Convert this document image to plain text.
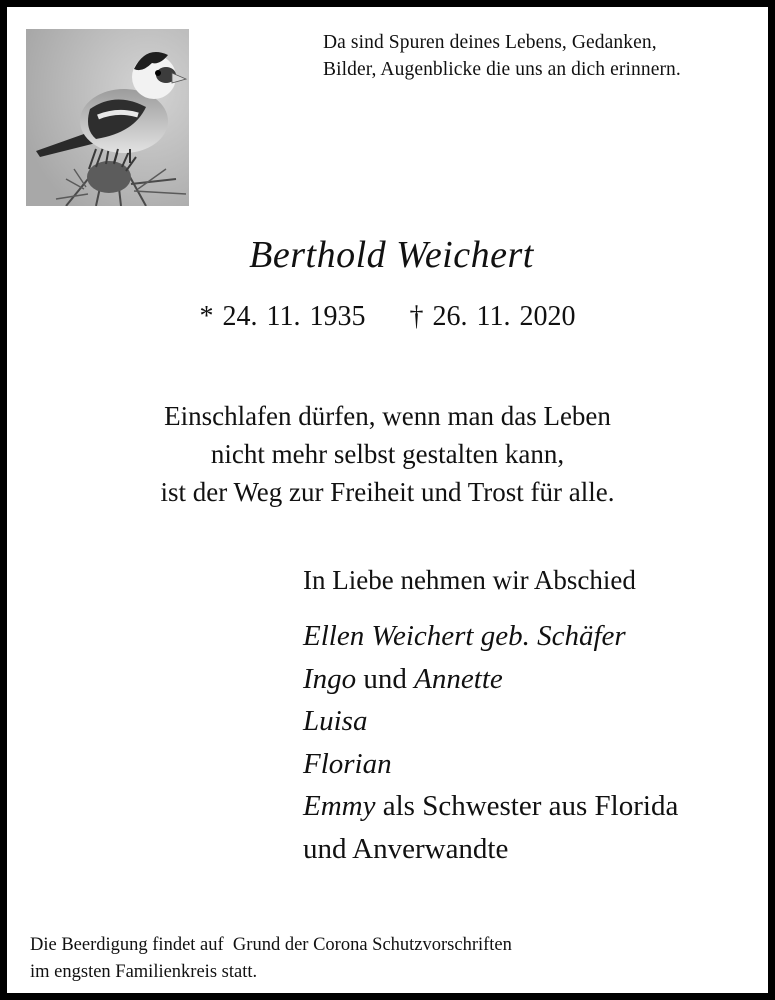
Da sind Spuren deines Lebens, Gedanken,
Bilder, Augenblicke die uns an dich erinnern.
Berthold Weichert
* 24. 11. 1935 † 26. 11. 2020
Einschlafen dürfen, wenn man das Leben
nicht mehr selbst gestalten kann,
ist der Weg zur Freiheit und Trost für alle.
In Liebe nehmen wir Abschied
Ellen Weichert geb. Schäfer
Ingo und Annette
Luisa
Florian
Emmy als Schwester aus Florida
und Anverwandte
Die Beerdigung findet auf  Grund der Corona Schutzvorschriften
im engsten Familienkreis statt.
